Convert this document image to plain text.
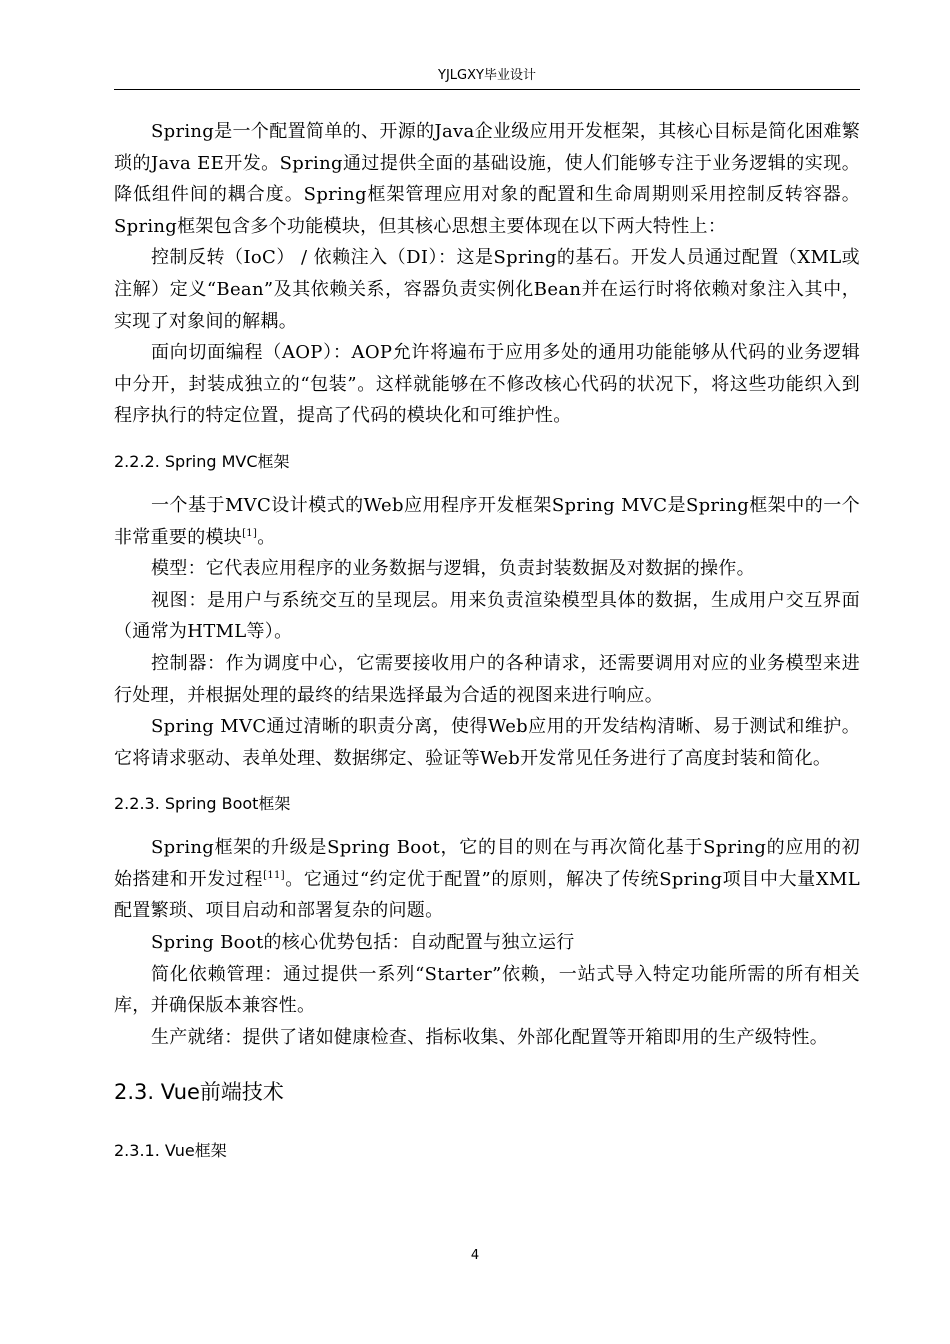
YJLGXY毕业设计

Spring是一个配置简单的、开源的Java企业级应用开发框架，其核心目标是简化困难繁琐的Java EE开发。Spring通过提供全面的基础设施，使人们能够专注于业务逻辑的实现。降低组件间的耦合度。Spring框架管理应用对象的配置和生命周期则采用控制反转容器。Spring框架包含多个功能模块，但其核心思想主要体现在以下两大特性上：

控制反转（IoC） / 依赖注入（DI）：这是Spring的基石。开发人员通过配置（XML或注解）定义“Bean”及其依赖关系，容器负责实例化Bean并在运行时将依赖对象注入其中，实现了对象间的解耦。

面向切面编程（AOP）：AOP允许将遍布于应用多处的通用功能能够从代码的业务逻辑中分开，封装成独立的“包装”。这样就能够在不修改核心代码的状况下，将这些功能织入到程序执行的特定位置，提高了代码的模块化和可维护性。

2.2.2. Spring MVC框架

一个基于MVC设计模式的Web应用程序开发框架Spring MVC是Spring框架中的一个非常重要的模块[1]。

模型：它代表应用程序的业务数据与逻辑，负责封装数据及对数据的操作。

视图：是用户与系统交互的呈现层。用来负责渲染模型具体的数据，生成用户交互界面（通常为HTML等）。

控制器：作为调度中心，它需要接收用户的各种请求，还需要调用对应的业务模型来进行处理，并根据处理的最终的结果选择最为合适的视图来进行响应。

Spring MVC通过清晰的职责分离，使得Web应用的开发结构清晰、易于测试和维护。它将请求驱动、表单处理、数据绑定、验证等Web开发常见任务进行了高度封装和简化。

2.2.3. Spring Boot框架

Spring框架的升级是Spring Boot，它的目的则在与再次简化基于Spring的应用的初始搭建和开发过程[11]。它通过“约定优于配置”的原则，解决了传统Spring项目中大量XML配置繁琐、项目启动和部署复杂的问题。

Spring Boot的核心优势包括：自动配置与独立运行

简化依赖管理：通过提供一系列“Starter”依赖，一站式导入特定功能所需的所有相关库，并确保版本兼容性。

生产就绪：提供了诸如健康检查、指标收集、外部化配置等开箱即用的生产级特性。

2.3. Vue前端技术
2.3.1. Vue框架
4
